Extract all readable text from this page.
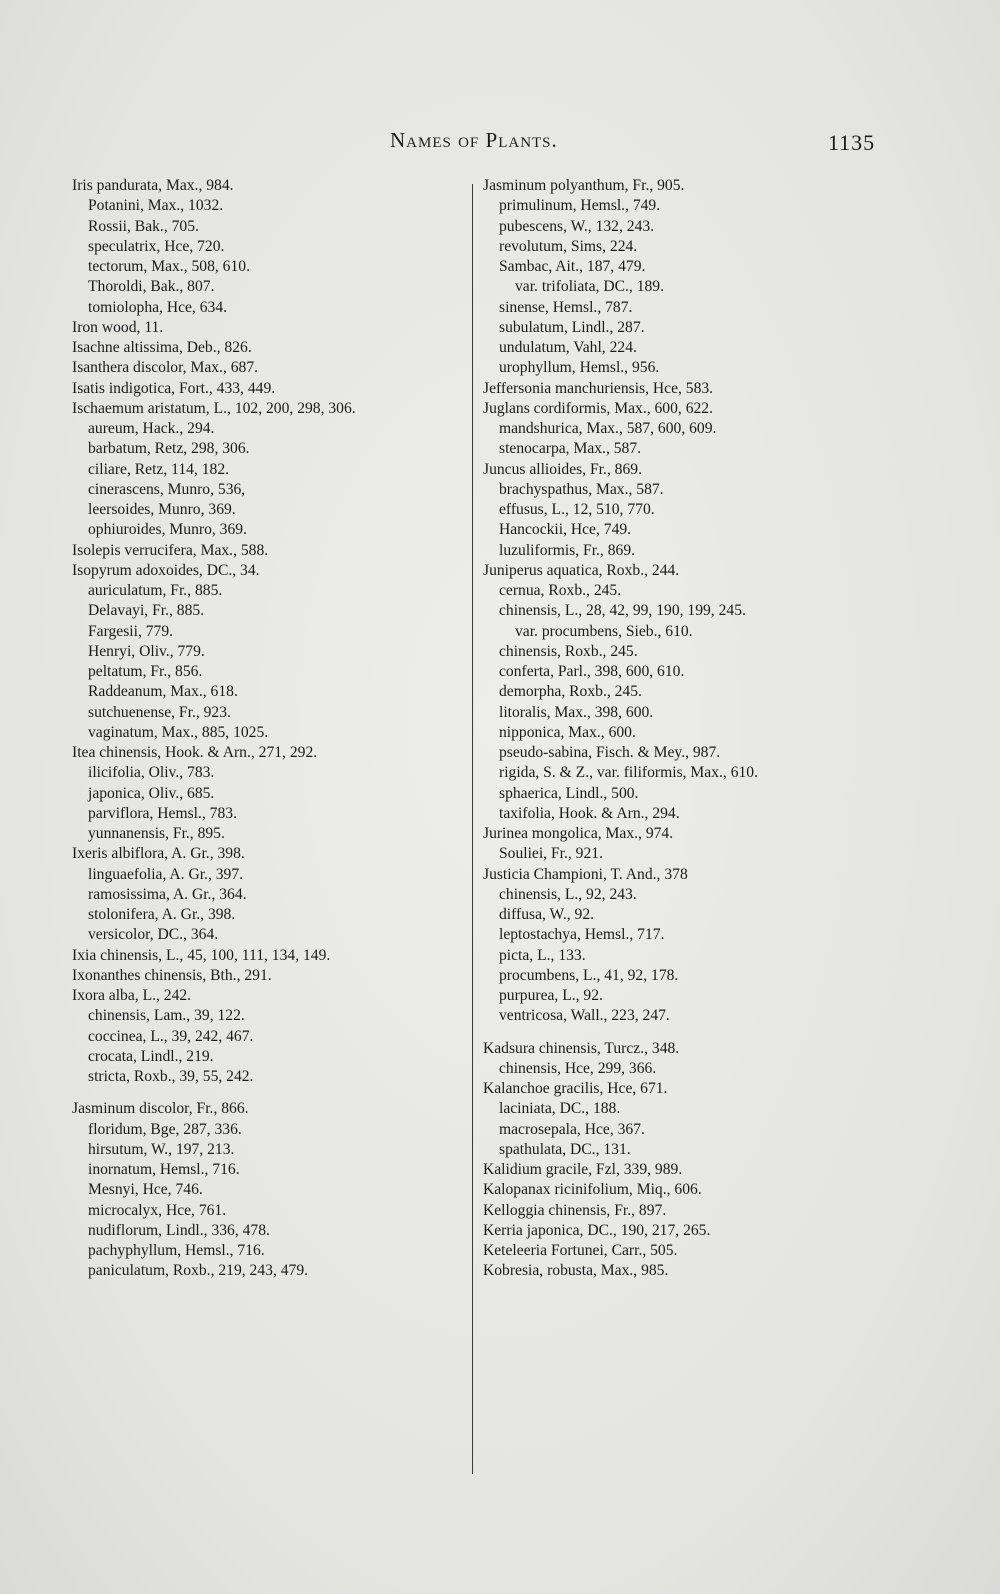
Names of Plants.	1135
Iris pandurata, Max., 984.
Potanini, Max., 1032.
Rossii, Bak., 705.
speculatrix, Hce, 720.
tectorum, Max., 508, 610.
Thoroldi, Bak., 807.
tomiolopha, Hce, 634.
Iron wood, 11.
Isachne altissima, Deb., 826.
Isanthera discolor, Max., 687.
Isatis indigotica, Fort., 433, 449.
Ischaemum aristatum, L., 102, 200, 298, 306.
aureum, Hack., 294.
barbatum, Retz, 298, 306.
ciliare, Retz, 114, 182.
cinerascens, Munro, 536,
leersoides, Munro, 369.
ophiuroides, Munro, 369.
Isolepis verrucifera, Max., 588.
Isopyrum adoxoides, DC., 34.
auriculatum, Fr., 885.
Delavayi, Fr., 885.
Fargesii, 779.
Henryi, Oliv., 779.
peltatum, Fr., 856.
Raddeanum, Max., 618.
sutchuenense, Fr., 923.
vaginatum, Max., 885, 1025.
Itea chinensis, Hook. & Arn., 271, 292.
ilicifolia, Oliv., 783.
japonica, Oliv., 685.
parviflora, Hemsl., 783.
yunnanensis, Fr., 895.
Ixeris albiflora, A. Gr., 398.
linguaefolia, A. Gr., 397.
ramosissima, A. Gr., 364.
stolonifera, A. Gr., 398.
versicolor, DC., 364.
Ixia chinensis, L., 45, 100, 111, 134, 149.
Ixonanthes chinensis, Bth., 291.
Ixora alba, L., 242.
chinensis, Lam., 39, 122.
coccinea, L., 39, 242, 467.
crocata, Lindl., 219.
stricta, Roxb., 39, 55, 242.
Jasminum discolor, Fr., 866.
floridum, Bge, 287, 336.
hirsutum, W., 197, 213.
inornatum, Hemsl., 716.
Mesnyi, Hce, 746.
microcalyx, Hce, 761.
nudiflorum, Lindl., 336, 478.
pachyphyllum, Hemsl., 716.
paniculatum, Roxb., 219, 243, 479.
Jasminum polyanthum, Fr., 905.
primulinum, Hemsl., 749.
pubescens, W., 132, 243.
revolutum, Sims, 224.
Sambac, Ait., 187, 479.
var. trifoliata, DC., 189.
sinense, Hemsl., 787.
subulatum, Lindl., 287.
undulatum, Vahl, 224.
urophyllum, Hemsl., 956.
Jeffersonia manchuriensis, Hce, 583.
Juglans cordiformis, Max., 600, 622.
mandshurica, Max., 587, 600, 609.
stenocarpa, Max., 587.
Juncus allioides, Fr., 869.
brachyspathus, Max., 587.
effusus, L., 12, 510, 770.
Hancockii, Hce, 749.
luzuliformis, Fr., 869.
Juniperus aquatica, Roxb., 244.
cernua, Roxb., 245.
chinensis, L., 28, 42, 99, 190, 199, 245.
var. procumbens, Sieb., 610.
chinensis, Roxb., 245.
conferta, Parl., 398, 600, 610.
demorpha, Roxb., 245.
litoralis, Max., 398, 600.
nipponica, Max., 600.
pseudo-sabina, Fisch. & Mey., 987.
rigida, S. & Z., var. filiformis, Max., 610.
sphaerica, Lindl., 500.
taxifolia, Hook. & Arn., 294.
Jurinea mongolica, Max., 974.
Souliei, Fr., 921.
Justicia Championi, T. And., 378
chinensis, L., 92, 243.
diffusa, W., 92.
leptostachya, Hemsl., 717.
picta, L., 133.
procumbens, L., 41, 92, 178.
purpurea, L., 92.
ventricosa, Wall., 223, 247.
Kadsura chinensis, Turcz., 348.
chinensis, Hce, 299, 366.
Kalanchoe gracilis, Hce, 671.
laciniata, DC., 188.
macrosepala, Hce, 367.
spathulata, DC., 131.
Kalidium gracile, Fzl, 339, 989.
Kalopanax ricinifolium, Miq., 606.
Kelloggia chinensis, Fr., 897.
Kerria japonica, DC., 190, 217, 265.
Keteleeria Fortunei, Carr., 505.
Kobresia, robusta, Max., 985.
